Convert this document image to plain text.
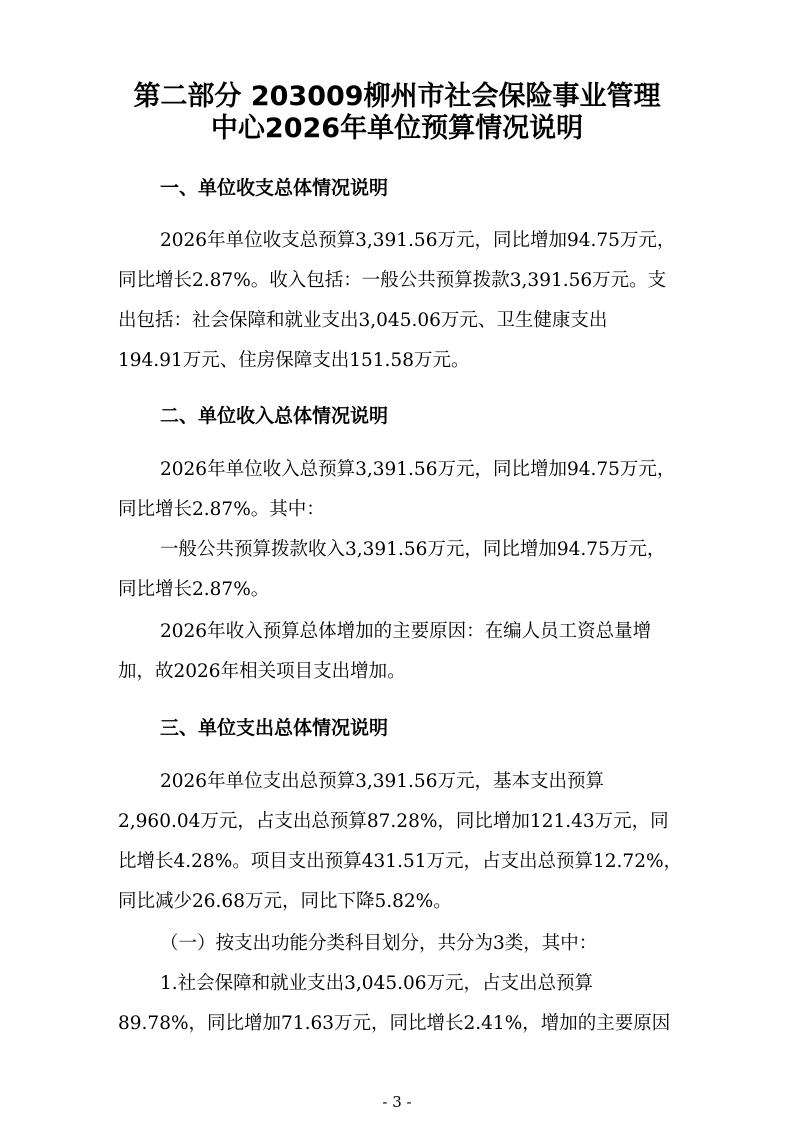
第二部分 203009柳州市社会保险事业管理
中心2026年单位预算情况说明
一、单位收支总体情况说明
2026年单位收支总预算3,391.56万元，同比增加94.75万元，
同比增长2.87%。收入包括：一般公共预算拨款3,391.56万元。支
出包括：社会保障和就业支出3,045.06万元、卫生健康支出
194.91万元、住房保障支出151.58万元。
二、单位收入总体情况说明
2026年单位收入总预算3,391.56万元，同比增加94.75万元，
同比增长2.87%。其中：
一般公共预算拨款收入3,391.56万元，同比增加94.75万元，
同比增长2.87%。
2026年收入预算总体增加的主要原因：在编人员工资总量增
加，故2026年相关项目支出增加。
三、单位支出总体情况说明
2026年单位支出总预算3,391.56万元，基本支出预算
2,960.04万元，占支出总预算87.28%，同比增加121.43万元，同
比增长4.28%。项目支出预算431.51万元，占支出总预算12.72%，
同比减少26.68万元，同比下降5.82%。
（一）按支出功能分类科目划分，共分为3类，其中：
1.社会保障和就业支出3,045.06万元，占支出总预算
89.78%，同比增加71.63万元，同比增长2.41%，增加的主要原因
- 3 -
